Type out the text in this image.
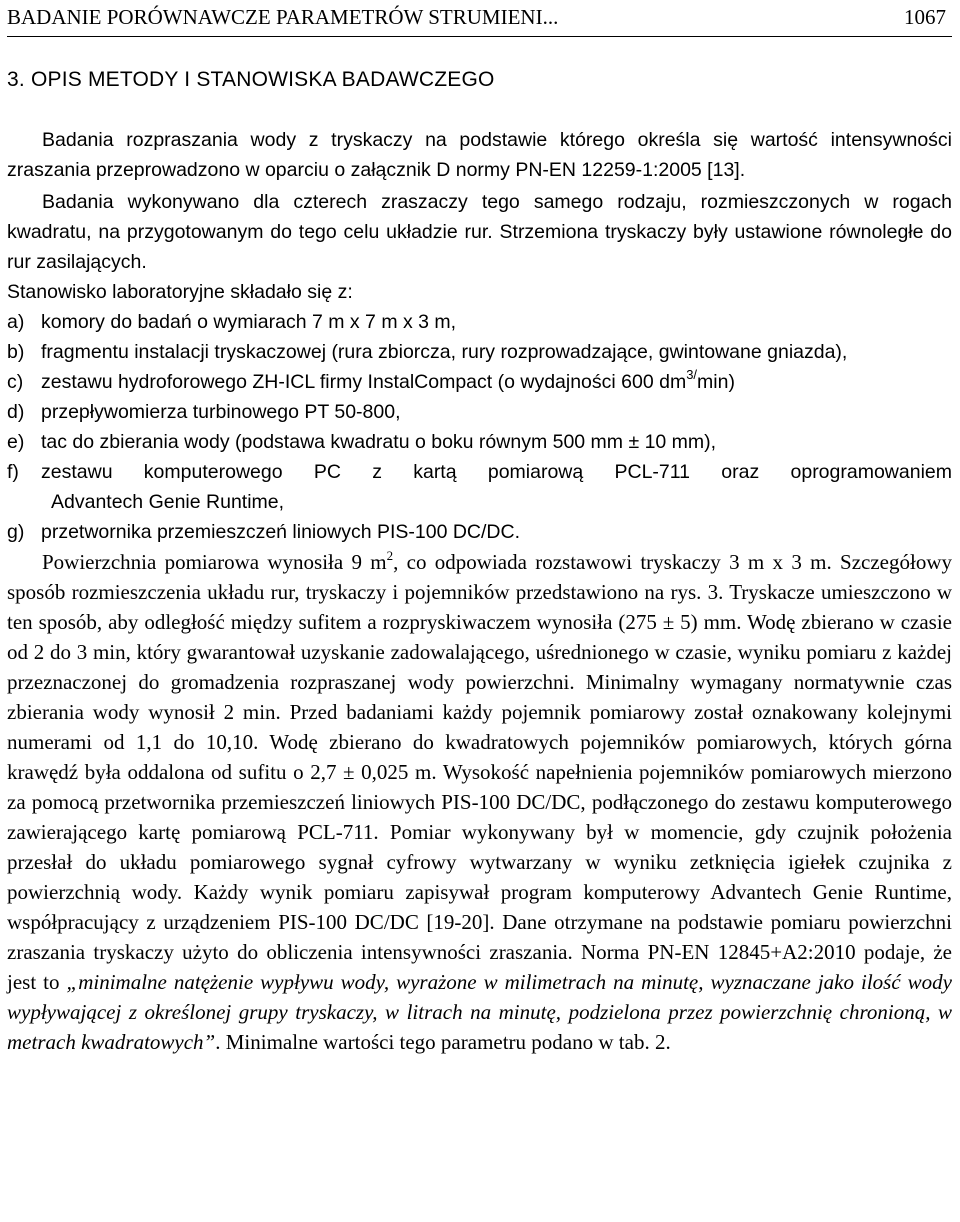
BADANIE PORÓWNAWCZE PARAMETRÓW STRUMIENI...	1067
3. OPIS METODY I STANOWISKA BADAWCZEGO

Badania rozpraszania wody z tryskaczy na podstawie którego określa się wartość intensywności zraszania przeprowadzono w oparciu o załącznik D normy PN-EN 12259-1:2005 [13].

Badania wykonywano dla czterech zraszaczy tego samego rodzaju, rozmieszczonych w rogach kwadratu, na przygotowanym do tego celu układzie rur. Strzemiona tryskaczy były ustawione równoległe do rur zasilających.

Stanowisko laboratoryjne składało się z:

a) komory do badań o wymiarach 7 m x 7 m x 3 m,
b) fragmentu instalacji tryskaczowej (rura zbiorcza, rury rozprowadzające, gwintowane gniazda),
c) zestawu hydroforowego ZH-ICL firmy InstalCompact (o wydajności 600 $dm^{3/}\min$)
d) przepływomierza turbinowego PT 50-800,
e) tac do zbierania wody (podstawa kwadratu o boku równym 500 mm ± 10 mm),
f)	zestawu komputerowego PC z kartą pomiarową PCL-711 oraz oprogramowaniem
Advantech Genie Runtime,
g) przetwornika przemieszczeń liniowych PIS-100 DC/DC.

Powierzchnia pomiarowa wynosiła 9 $m^2$, co odpowiada rozstawowi tryskaczy 3 m x 3 m. Szczegółowy sposób rozmieszczenia układu rur, tryskaczy i pojemników przedstawiono na rys. 3. Tryskacze umieszczono w ten sposób, aby odległość między sufitem a rozpryskiwaczem wynosiła (275 ± 5) mm. Wodę zbierano w czasie od 2 do 3 min, który gwarantował uzyskanie zadowalającego, uśrednionego w czasie, wyniku pomiaru z każdej przeznaczonej do gromadzenia rozpraszanej wody powierzchni. Minimalny wymagany normatywnie czas zbierania wody wynosił 2 min. Przed badaniami każdy pojemnik pomiarowy został oznakowany kolejnymi numerami od 1,1 do 10,10. Wodę zbierano do kwadratowych pojemników pomiarowych, których górna krawędź była oddalona od sufitu o 2,7 ± 0,025 m. Wysokość napełnienia pojemników pomiarowych mierzono za pomocą przetwornika przemieszczeń liniowych PIS-100 DC/DC, podłączonego do zestawu komputerowego zawierającego kartę pomiarową PCL-711. Pomiar wykonywany był w momencie, gdy czujnik położenia przesłał do układu pomiarowego sygnał cyfrowy wytwarzany w wyniku zetknięcia igiełek czujnika z powierzchnią wody. Każdy wynik pomiaru zapisywał program komputerowy Advantech Genie Runtime, współpracujący z urządzeniem PIS-100 DC/DC [19-20]. Dane otrzymane na podstawie pomiaru powierzchni zraszania tryskaczy użyto do obliczenia intensywności zraszania. Norma PN-EN 12845+A2:2010 podaje, że jest to „minimalne natężenie wypływu wody, wyrażone w milimetrach na minutę, wyznaczane jako ilość wody wypływającej z określonej grupy tryskaczy, w litrach na minutę, podzielona przez powierzchnię chronioną, w metrach kwadratowych”. Minimalne wartości tego parametru podano w tab. 2.
